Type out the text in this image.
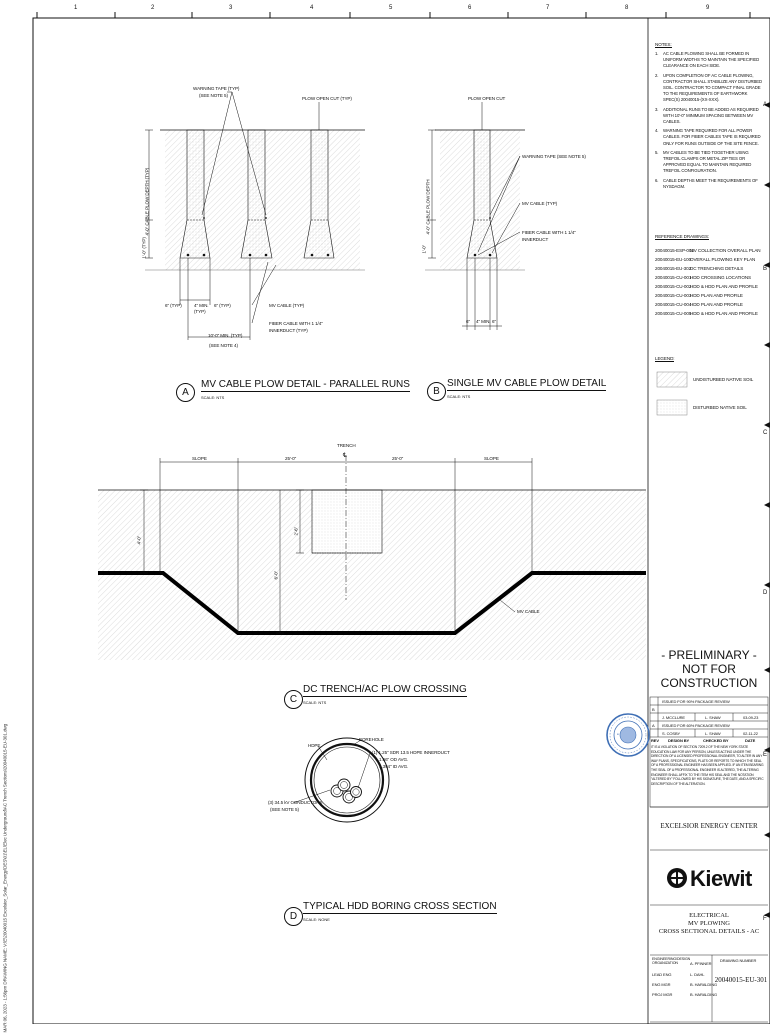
1	2	3	4	5	6	7	8	9
A
B
C
D
E
F
MAR 06, 2023 - 1:56pm DRAWING NAME: V:\E\20040015 Excelsior_Solar_Energy\DES\01\EL\Elec Underground\AC Trench Sections\20040015-EU-301.dwg
WARNING TAPE (TYP)
(SEE NOTE 5)
PLOW OPEN CUT (TYP)
4'-0" CABLE PLOW DEPTH (TYP)
1'-0" (TYP)
6" (TYP)	4" MIN.
(TYP)
6" (TYP)
10'-0" MIN. (TYP)
(SEE NOTE 4)
MV CABLE (TYP)
FIBER CABLE WITH 1 1/4"
INNERDUCT (TYP)
A
MV CABLE PLOW DETAIL - PARALLEL RUNS
SCALE: NTS
PLOW OPEN CUT
4'-0" CABLE PLOW DEPTH
1'-0"
WARNING TAPE (SEE NOTE 5)
MV CABLE (TYP)
FIBER CABLE WITH 1 1/4"
INNERDUCT
6" 4" MIN. 6"
B
SINGLE MV CABLE PLOW DETAIL
SCALE: NTS
TRENCH
℄
SLOPE	25'-0"	25'-0"	SLOPE
4'-0"
2'-6"
6'-0"
MV CABLE
C
DC TRENCH/AC PLOW CROSSING
SCALE: NTS
BOREHOLE
HDPE
(1) 1.25" SDR 13.5 HDPE INNERDUCT
1.66" OD AVG.
1.394" ID AVG.
(3) 34.5 kV CONDUCTORS
(SEE NOTE 5)
D
TYPICAL HDD BORING CROSS SECTION
SCALE: NONE
NOTES:
1.	AC CABLE PLOWING SHALL BE FORMED IN UNIFORM WIDTHS TO MAINTAIN THE SPECIFIED CLEARANCE ON EACH SIDE.
2.	UPON COMPLETION OF AC CABLE PLOWING, CONTRACTOR SHALL STABILIZE ANY DISTURBED SOIL. CONTRACTOR TO COMPACT FINAL GRADE TO THE REQUIREMENTS OF EARTHWORK SPEC(S) 20040015-(XX-XXX).
3.	ADDITIONAL RUNS TO BE ADDED AS REQUIRED WITH 10'-0" MINIMUM SPACING BETWEEN MV CABLES.
4.	WARNING TAPE REQUIRED FOR ALL POWER CABLES. FOR FIBER CABLES TAPE IS REQUIRED ONLY FOR RUNS OUTSIDE OF THE SITE FENCE.
5.	MV CABLES TO BE TIED TOGETHER USING TREFOIL CLAMPS OR METAL ZIP TIES OR APPROVED EQUAL TO MAINTAIN REQUIRED TREFOIL CONFIGURATION.
6.	CABLE DEPTHS MEET THE REQUIREMENTS OF NYSDAGM.
REFERENCE DRAWINGS:
20040015-ESP-001
MV COLLECTION OVERALL PLAN
20040015-EU-100
OVERALL PLOWING KEY PLAN
20040015-EU-302
DC TRENCHING DETAILS
20040015-CU-001
HDD CROSSING LOCATIONS
20040015-CU-002
HDD & HDD PLAN AND PROFILE
20040015-CU-003
HDD PLAN AND PROFILE
20040015-CU-004
HDD PLAN AND PROFILE
20040015-CU-005
HDD & HDD PLAN AND PROFILE
LEGEND:
UNDISTURBED NATIVE SOIL
DISTURBED NATIVE SOIL
- PRELIMINARY -
NOT FOR CONSTRUCTION
B
ISSUED FOR 90% PACKAGE REVIEW
J. MCCLURE	L. SHAW	03-09-23
A ISSUED FOR 60% PACKAGE REVIEW
S. COSBY	L. SHAW	02-11-22
REV DESIGN BY	CHECKED BY	DATE
IT IS A VIOLATION OF SECTION 7209.2 OF THE NEW YORK STATE EDUCATION LAW FOR ANY PERSON, UNLESS ACTING UNDER THE DIRECTION OF A LICENSED PROFESSIONAL ENGINEER, TO ALTER IN ANY WAY PLANS, SPECIFICATIONS, PLATS OR REPORTS TO WHICH THE SEAL OF A PROFESSIONAL ENGINEER HAS BEEN APPLIED. IF AN ITEM BEARING THE SEAL OF A PROFESSIONAL ENGINEER IS ALTERED, THE ALTERING ENGINEER SHALL AFFIX TO THE ITEM HIS SEAL AND THE NOTATION "ALTERED BY" FOLLOWED BY HIS SIGNATURE, THE DATE, AND A SPECIFIC DESCRIPTION OF THE ALTERATION.
EXCELSIOR ENERGY CENTER
Kiewit
ELECTRICAL
MV PLOWING
CROSS SECTIONAL DETAILS - AC
ENGINEERING/DESIGN ORGANIZATION	A. PFINNER
LEAD ENG	L. DAHL
ENG MGR	B. HARALDING
PROJ MGR	B. HARALDING
DRAWING NUMBER
20040015-EU-301
●
